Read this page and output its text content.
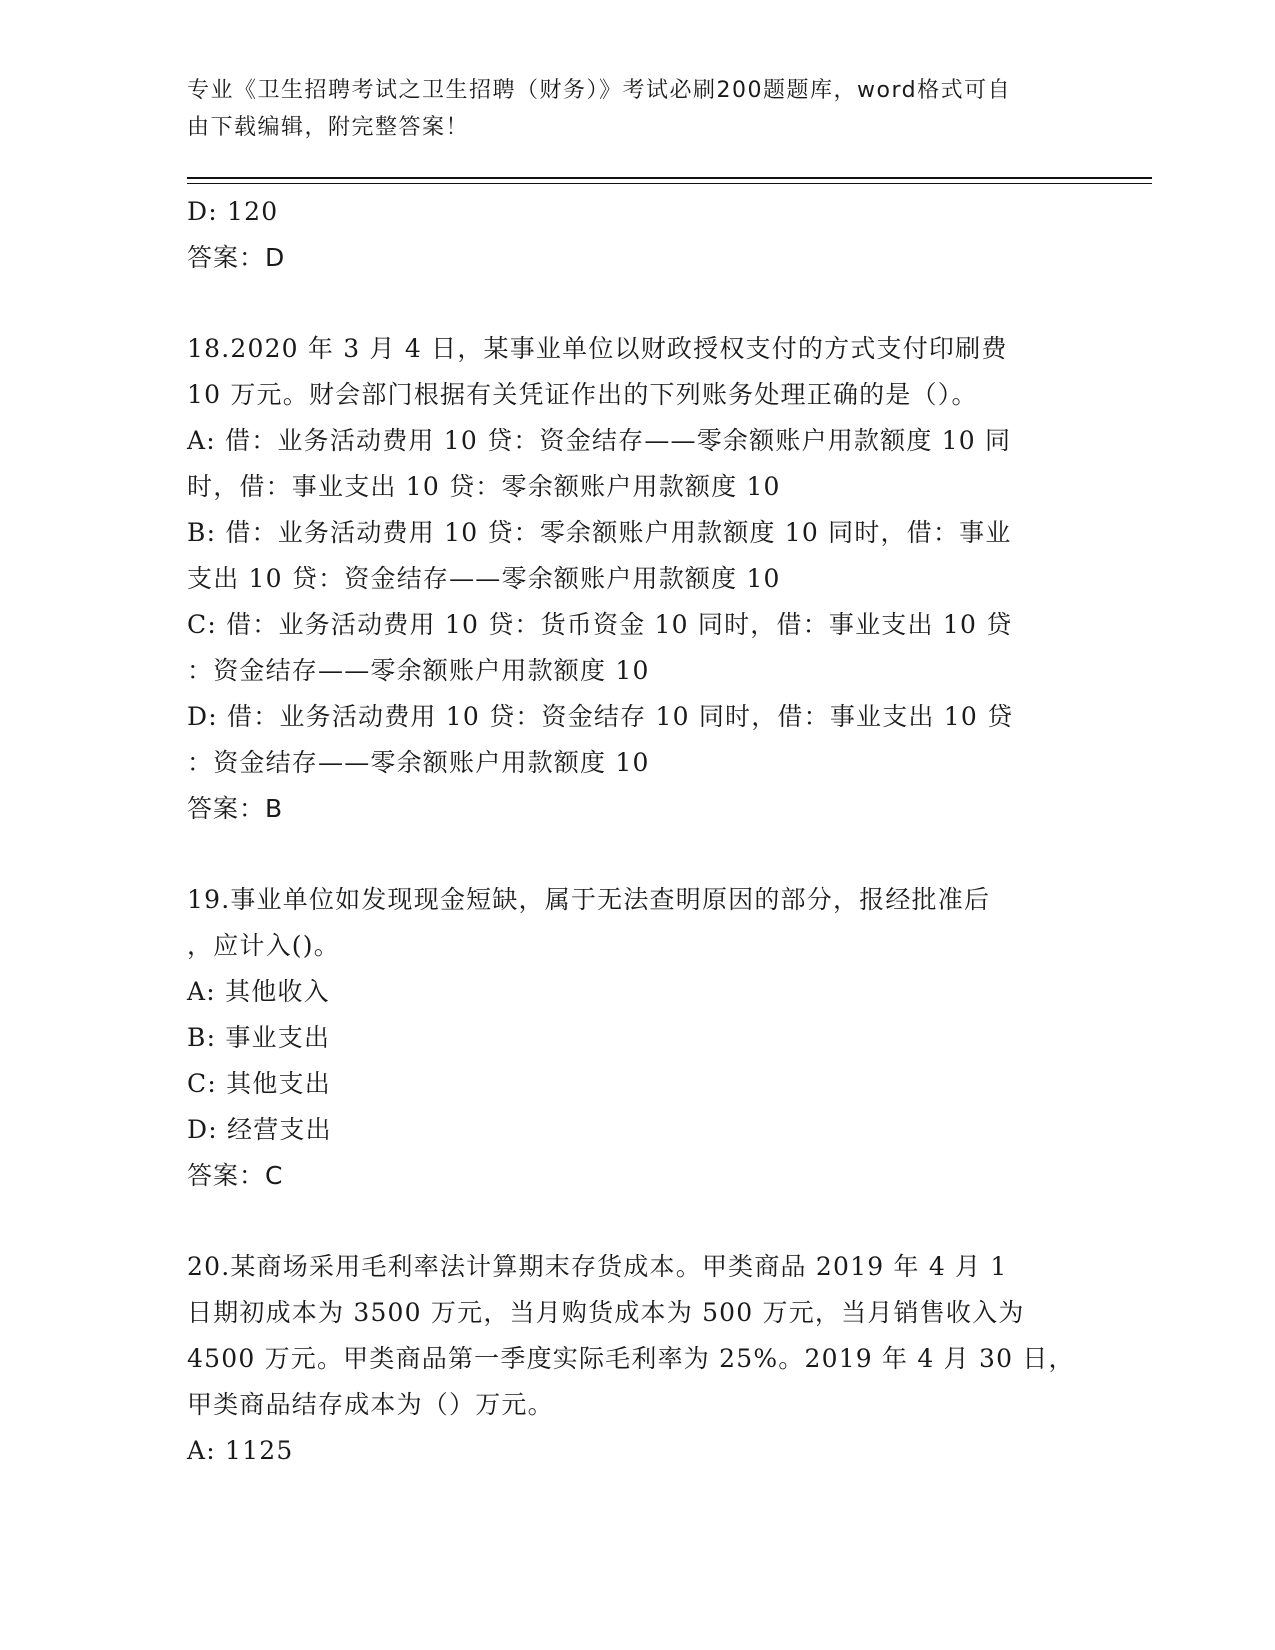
专业《卫生招聘考试之卫生招聘（财务）》考试必刷200题题库，word格式可自
由下载编辑，附完整答案！
D: 120
答案：D
18.2020 年 3 月 4 日，某事业单位以财政授权支付的方式支付印刷费
10 万元。财会部门根据有关凭证作出的下列账务处理正确的是（）。
A: 借：业务活动费用 10 贷：资金结存——零余额账户用款额度 10 同
时，借：事业支出 10 贷：零余额账户用款额度 10
B: 借：业务活动费用 10 贷：零余额账户用款额度 10 同时，借：事业
支出 10 贷：资金结存——零余额账户用款额度 10
C: 借：业务活动费用 10 贷：货币资金 10 同时，借：事业支出 10 贷
：资金结存——零余额账户用款额度 10
D: 借：业务活动费用 10 贷：资金结存 10 同时，借：事业支出 10 贷
：资金结存——零余额账户用款额度 10
答案：B
19.事业单位如发现现金短缺，属于无法查明原因的部分，报经批准后
，应计入()。
A: 其他收入
B: 事业支出
C: 其他支出
D: 经营支出
答案：C
20.某商场采用毛利率法计算期末存货成本。甲类商品 2019 年 4 月 1
日期初成本为 3500 万元，当月购货成本为 500 万元，当月销售收入为
4500 万元。甲类商品第一季度实际毛利率为 25%。2019 年 4 月 30 日，
甲类商品结存成本为（）万元。
A: 1125
